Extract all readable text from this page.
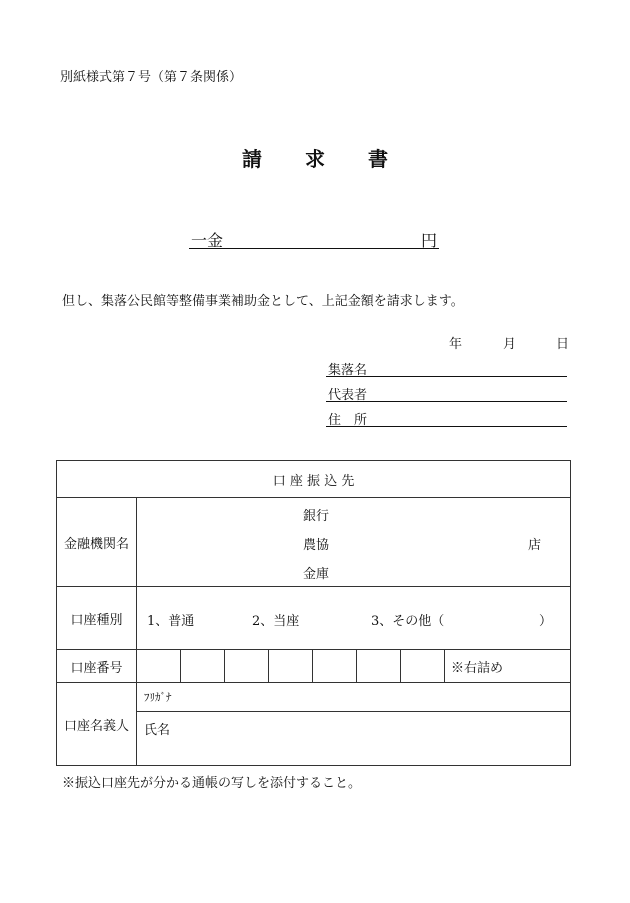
別紙様式第７号（第７条関係）
請 求 書
一金	円
但し、集落公民館等整備事業補助金として、上記金額を請求します。
年	月	日
集落名
代表者
住　所
口 座 振 込 先								
金融機関名	銀行
農協
金庫
店							

口座種別	1、普通 2、当座 3、その他（ ）							

口座番号								※右詰め
口座名義人	ﾌﾘｶﾞﾅ							
	氏名							
※振込口座先が分かる通帳の写しを添付すること。
